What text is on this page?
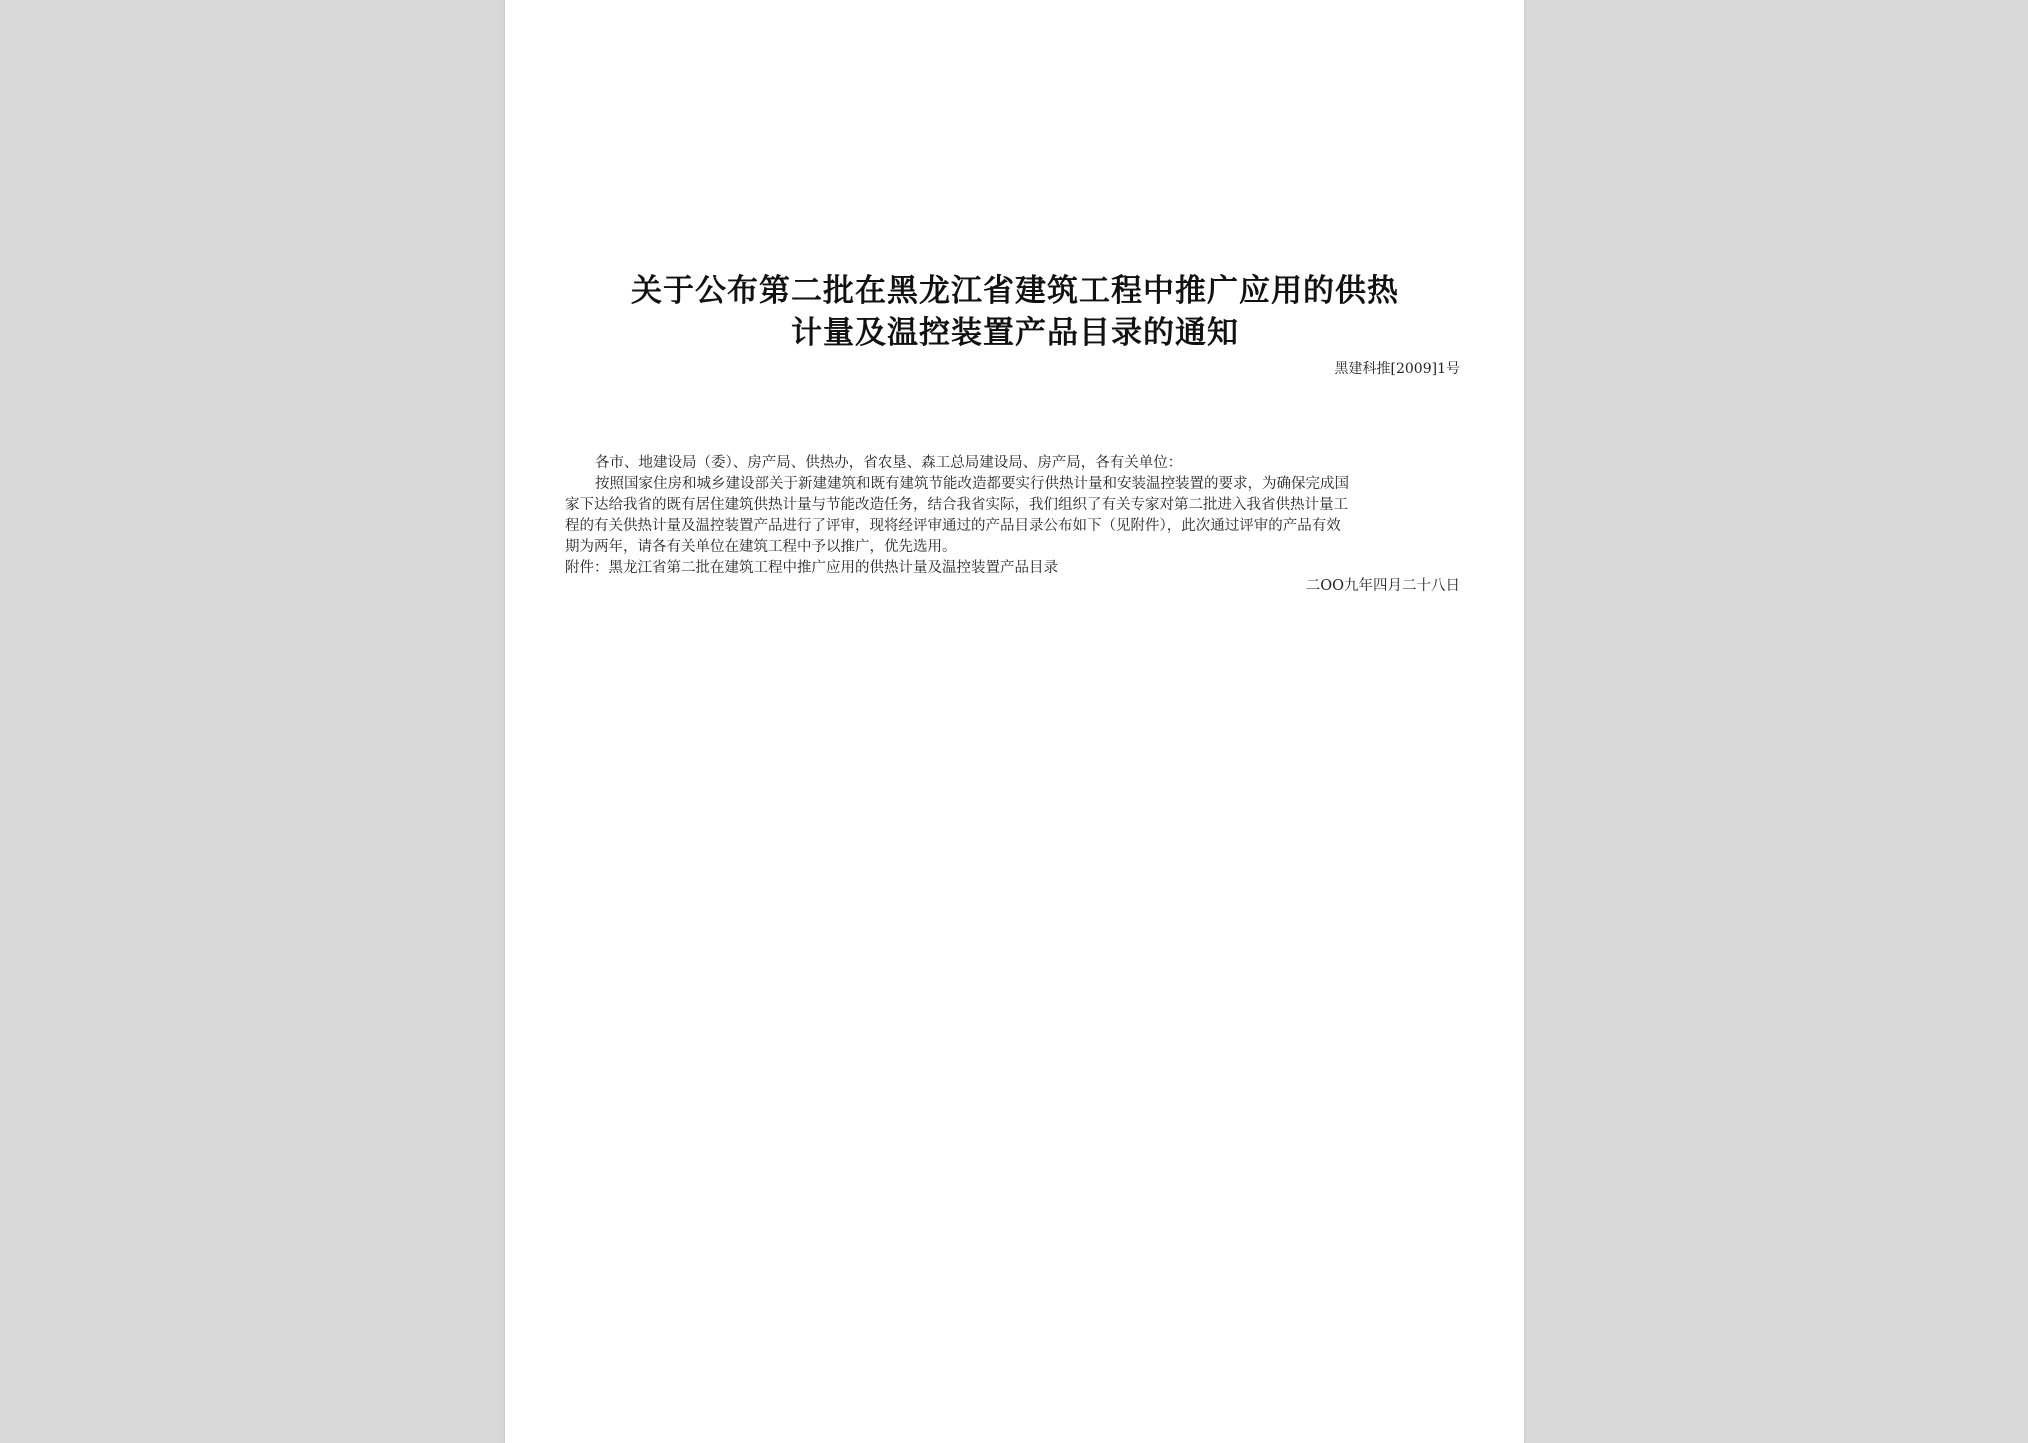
关于公布第二批在黑龙江省建筑工程中推广应用的供热
计量及温控装置产品目录的通知
黑建科推[2009]1号
各市、地建设局（委）、房产局、供热办，省农垦、森工总局建设局、房产局，各有关单位：
按照国家住房和城乡建设部关于新建建筑和既有建筑节能改造都要实行供热计量和安装温控装置的要求，为确保完成国
家下达给我省的既有居住建筑供热计量与节能改造任务，结合我省实际，我们组织了有关专家对第二批进入我省供热计量工
程的有关供热计量及温控装置产品进行了评审，现将经评审通过的产品目录公布如下（见附件），此次通过评审的产品有效
期为两年，请各有关单位在建筑工程中予以推广，优先选用。
附件：黑龙江省第二批在建筑工程中推广应用的供热计量及温控装置产品目录
二OO九年四月二十八日
